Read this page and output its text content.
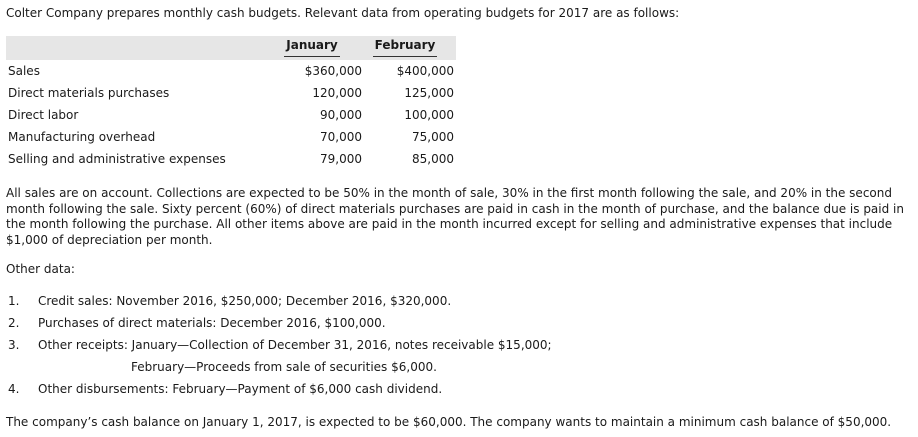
Colter Company prepares monthly cash budgets. Relevant data from operating budgets for 2017 are as follows:
January	February
Sales	$360,000	$400,000
Direct materials purchases	120,000	125,000
Direct labor	90,000	100,000
Manufacturing overhead	70,000	75,000
Selling and administrative expenses	79,000	85,000
All sales are on account. Collections are expected to be 50% in the month of sale, 30% in the first month following the sale, and 20% in the second month following the sale. Sixty percent (60%) of direct materials purchases are paid in cash in the month of purchase, and the balance due is paid in the month following the purchase. All other items above are paid in the month incurred except for selling and administrative expenses that include $1,000 of depreciation per month.
Other data:
1. Credit sales: November 2016, $250,000; December 2016, $320,000.
2. Purchases of direct materials: December 2016, $100,000.
3. Other receipts: January—Collection of December 31, 2016, notes receivable $15,000;
February—Proceeds from sale of securities $6,000.
4. Other disbursements: February—Payment of $6,000 cash dividend.
The company’s cash balance on January 1, 2017, is expected to be $60,000. The company wants to maintain a minimum cash balance of $50,000.
